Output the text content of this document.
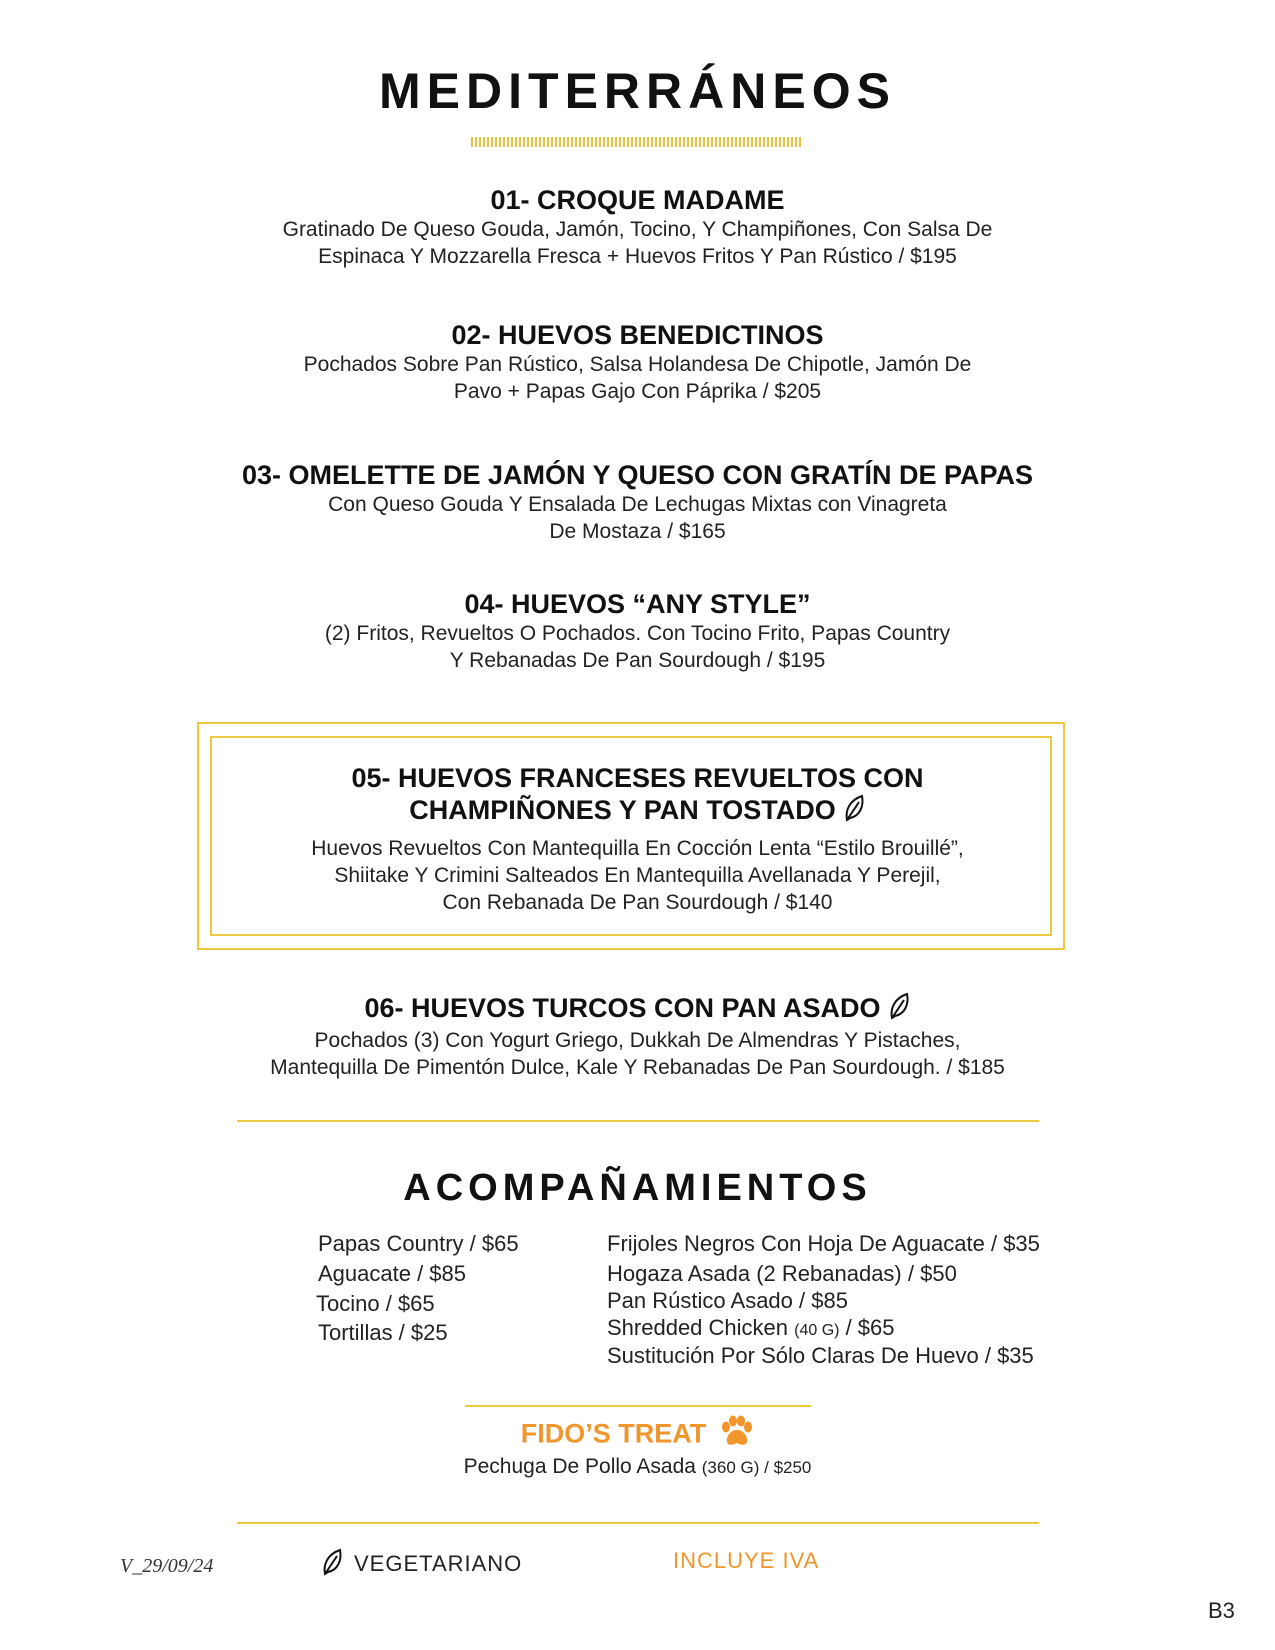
MEDITERRÁNEOS
01- CROQUE MADAME
Gratinado De Queso Gouda, Jamón, Tocino, Y Champiñones, Con Salsa De
Espinaca Y Mozzarella Fresca + Huevos Fritos Y Pan Rústico / $195
02- HUEVOS BENEDICTINOS
Pochados Sobre Pan Rústico, Salsa Holandesa De Chipotle, Jamón De
Pavo + Papas Gajo Con Páprika / $205
03- OMELETTE DE JAMÓN Y QUESO CON GRATÍN DE PAPAS
Con Queso Gouda Y Ensalada De Lechugas Mixtas con Vinagreta
De Mostaza / $165
04- HUEVOS “ANY STYLE”
(2) Fritos, Revueltos O Pochados. Con Tocino Frito, Papas Country
Y Rebanadas De Pan Sourdough / $195
05- HUEVOS FRANCESES REVUELTOS CON
CHAMPIÑONES Y PAN TOSTADO
Huevos Revueltos Con Mantequilla En Cocción Lenta “Estilo Brouillé”,
Shiitake Y Crimini Salteados En Mantequilla Avellanada Y Perejil,
Con Rebanada De Pan Sourdough / $140
06- HUEVOS TURCOS CON PAN ASADO
Pochados (3) Con Yogurt Griego, Dukkah De Almendras Y Pistaches,
Mantequilla De Pimentón Dulce, Kale Y Rebanadas De Pan Sourdough. / $185
ACOMPAÑAMIENTOS
Papas Country / $65
Aguacate / $85
Tocino / $65
Tortillas / $25
Frijoles Negros Con Hoja De Aguacate / $35
Hogaza Asada (2 Rebanadas) / $50
Pan Rústico Asado / $85
Shredded Chicken (40 G) / $65
Sustitución Por Sólo Claras De Huevo / $35
FIDO’S TREAT
Pechuga De Pollo Asada (360 G) / $250
V_29/09/24	VEGETARIANO	INCLUYE IVA
B3
